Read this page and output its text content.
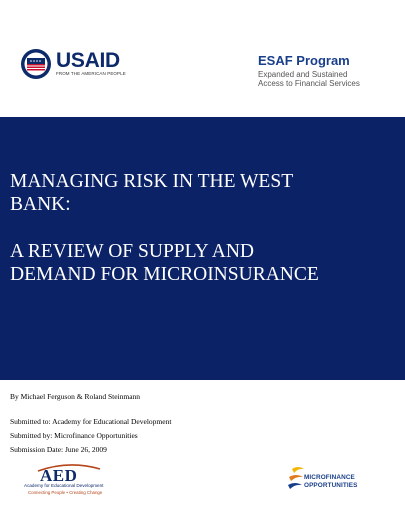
USAID
FROM THE AMERICAN PEOPLE
ESAF Program
Expanded and Sustained
Access to Financial Services
MANAGING RISK IN THE WEST
BANK:
A REVIEW OF SUPPLY AND
DEMAND FOR MICROINSURANCE
By Michael Ferguson & Roland Steinmann
Submitted to: Academy for Educational Development
Submitted by: Microfinance Opportunities
Submission Date: June 26, 2009
AED
Academy for Educational Development
Connecting People • Creating Change
MICROFINANCE
OPPORTUNITIES
